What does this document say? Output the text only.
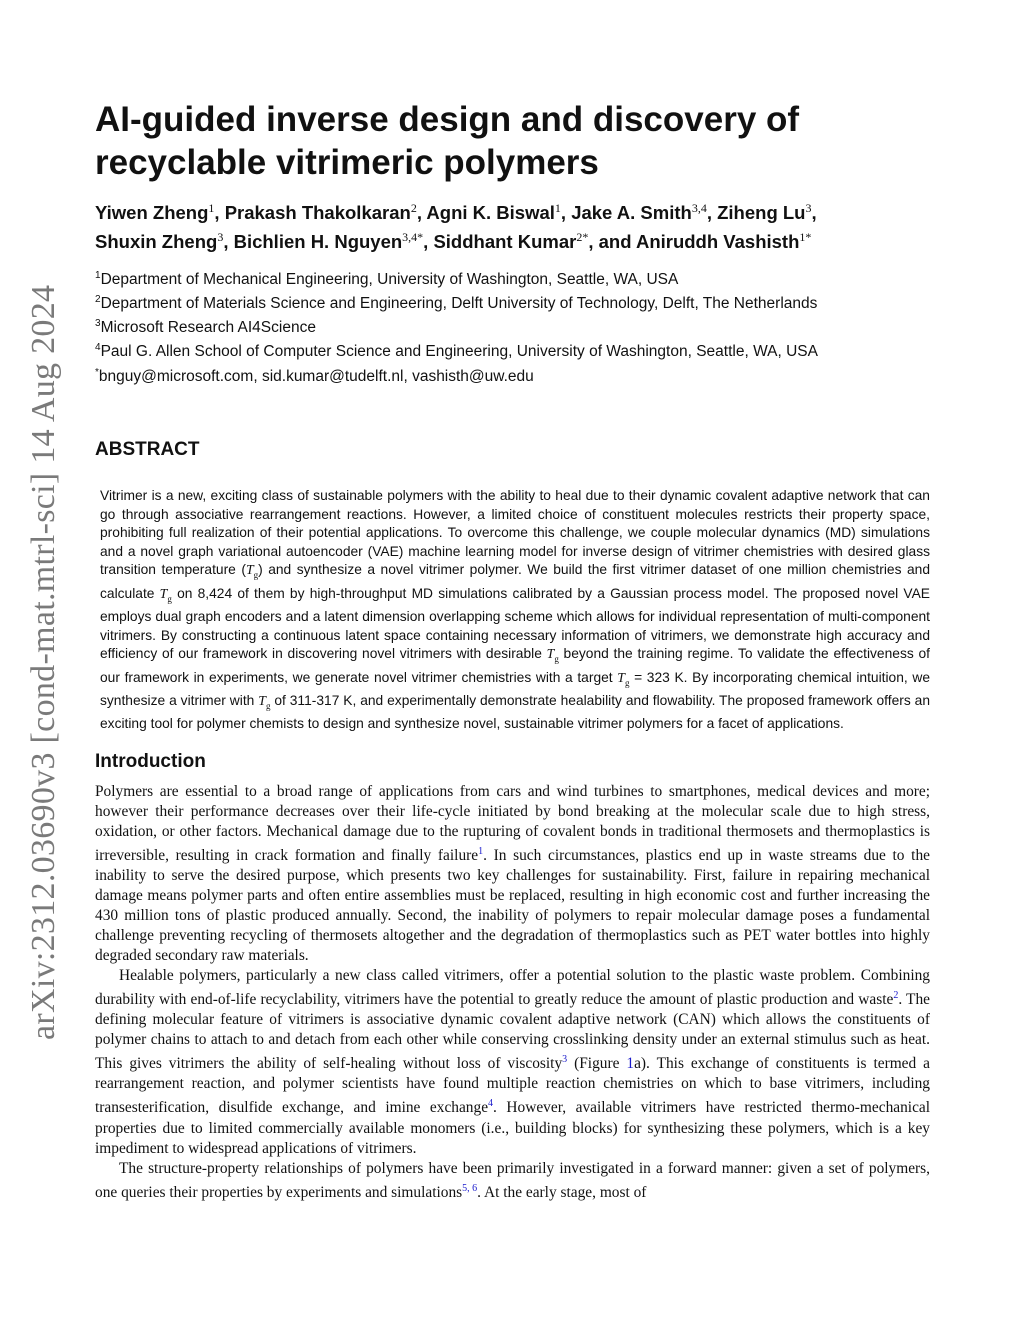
arXiv:2312.03690v3 [cond-mat.mtrl-sci] 14 Aug 2024
AI-guided inverse design and discovery of recyclable vitrimeric polymers
Yiwen Zheng$^1$, Prakash Thakolkaran$^2$, Agni K. Biswal$^1$, Jake A. Smith$^{3,4}$, Ziheng Lu$^3$,
Shuxin Zheng$^3$, Bichlien H. Nguyen$^{3,4*}$, Siddhant Kumar$^{2*}$, and Aniruddh Vashisth$^{1*}$
$^1$Department of Mechanical Engineering, University of Washington, Seattle, WA, USA
$^2$Department of Materials Science and Engineering, Delft University of Technology, Delft, The Netherlands
$^3$Microsoft Research AI4Science
$^4$Paul G. Allen School of Computer Science and Engineering, University of Washington, Seattle, WA, USA
*bnguy@microsoft.com, sid.kumar@tudelft.nl, vashisth@uw.edu
ABSTRACT
Vitrimer is a new, exciting class of sustainable polymers with the ability to heal due to their dynamic covalent adaptive network that can go through associative rearrangement reactions. However, a limited choice of constituent molecules restricts their property space, prohibiting full realization of their potential applications. To overcome this challenge, we couple molecular dynamics (MD) simulations and a novel graph variational autoencoder (VAE) machine learning model for inverse design of vitrimer chemistries with desired glass transition temperature $(T_g)$ and synthesize a novel vitrimer polymer. We build the first vitrimer dataset of one million chemistries and calculate $T_g$ on 8,424 of them by high-throughput MD simulations calibrated by a Gaussian process model. The proposed novel VAE employs dual graph encoders and a latent dimension overlapping scheme which allows for individual representation of multi-component vitrimers. By constructing a continuous latent space containing necessary information of vitrimers, we demonstrate high accuracy and efficiency of our framework in discovering novel vitrimers with desirable $T_g$ beyond the training regime. To validate the effectiveness of our framework in experiments, we generate novel vitrimer chemistries with a target $T_g = 323$ K. By incorporating chemical intuition, we synthesize a vitrimer with $T_g$ of 311-317 K, and experimentally demonstrate healability and flowability. The proposed framework offers an exciting tool for polymer chemists to design and synthesize novel, sustainable vitrimer polymers for a facet of applications.
Introduction

Polymers are essential to a broad range of applications from cars and wind turbines to smartphones, medical devices and more; however their performance decreases over their life-cycle initiated by bond breaking at the molecular scale due to high stress, oxidation, or other factors. Mechanical damage due to the rupturing of covalent bonds in traditional thermosets and thermoplastics is irreversible, resulting in crack formation and finally failure$^1$. In such circumstances, plastics end up in waste streams due to the inability to serve the desired purpose, which presents two key challenges for sustainability. First, failure in repairing mechanical damage means polymer parts and often entire assemblies must be replaced, resulting in high economic cost and further increasing the 430 million tons of plastic produced annually. Second, the inability of polymers to repair molecular damage poses a fundamental challenge preventing recycling of thermosets altogether and the degradation of thermoplastics such as PET water bottles into highly degraded secondary raw materials.

Healable polymers, particularly a new class called vitrimers, offer a potential solution to the plastic waste problem. Combining durability with end-of-life recyclability, vitrimers have the potential to greatly reduce the amount of plastic production and waste$^2$. The defining molecular feature of vitrimers is associative dynamic covalent adaptive network (CAN) which allows the constituents of polymer chains to attach to and detach from each other while conserving crosslinking density under an external stimulus such as heat. This gives vitrimers the ability of self-healing without loss of viscosity$^3$ (Figure 1a). This exchange of constituents is termed a rearrangement reaction, and polymer scientists have found multiple reaction chemistries on which to base vitrimers, including transesterification, disulfide exchange, and imine exchange$^4$. However, available vitrimers have restricted thermo-mechanical properties due to limited commercially available monomers (i.e., building blocks) for synthesizing these polymers, which is a key impediment to widespread applications of vitrimers.

The structure-property relationships of polymers have been primarily investigated in a forward manner: given a set of polymers, one queries their properties by experiments and simulations$^{5, 6}$. At the early stage, most of
